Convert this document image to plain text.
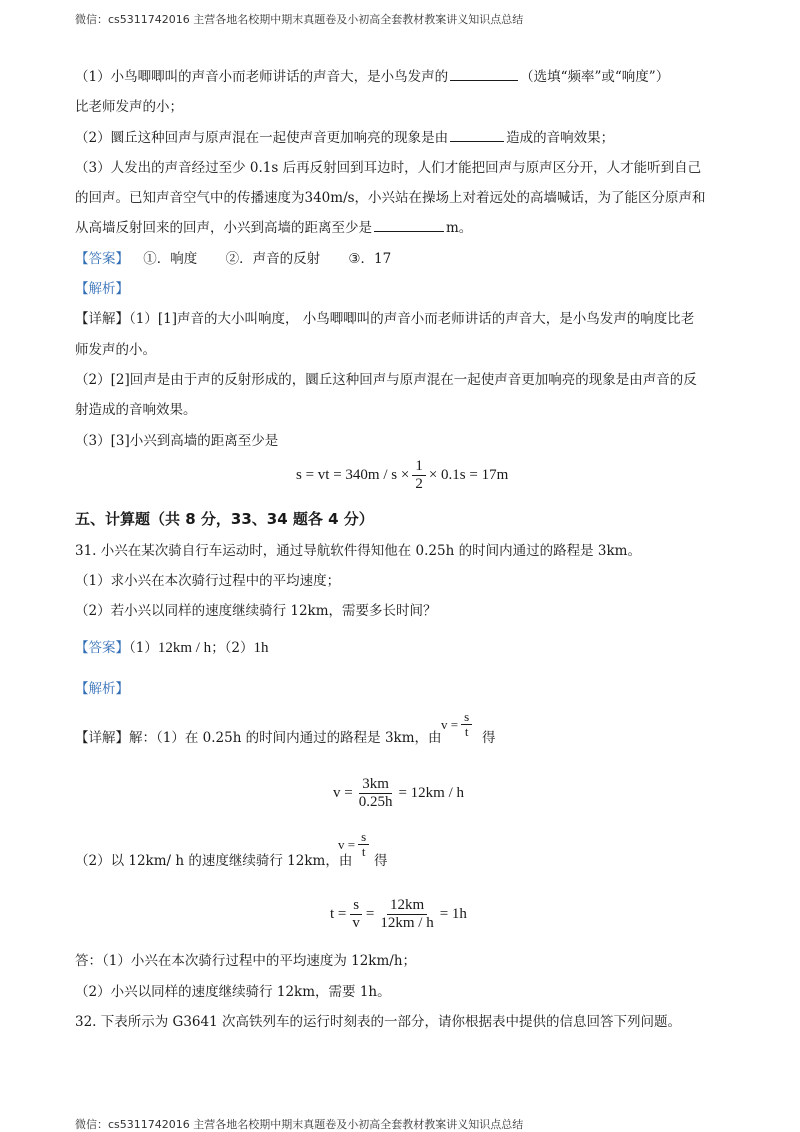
微信：cs5311742016 主营各地名校期中期末真题卷及小初高全套教材教案讲义知识点总结
（1）小鸟唧唧叫的声音小而老师讲话的声音大，是小鸟发声的	（选填“频率”或“响度”）
比老师发声的小；
（2）圜丘这种回声与原声混在一起使声音更加响亮的现象是由	造成的音响效果；
（3）人发出的声音经过至少 0.1s 后再反射回到耳边时，人们才能把回声与原声区分开，人才能听到自己
的回声。已知声音空气中的传播速度为340m/s，小兴站在操场上对着远处的高墙喊话，为了能区分原声和
从高墙反射回来的回声，小兴到高墙的距离至少是	m。
【答案】 ①．响度 ②．声音的反射 ③．17
【解析】
【详解】（1）[1]声音的大小叫响度， 小鸟唧唧叫的声音小而老师讲话的声音大，是小鸟发声的响度比老
师发声的小。
（2）[2]回声是由于声的反射形成的，圜丘这种回声与原声混在一起使声音更加响亮的现象是由声音的反
射造成的音响效果。
（3）[3]小兴到高墙的距离至少是
s = vt = $340m / s \times \frac{1}{2} \times 0.1s = 17m$
五、计算题（共 8 分，33、34 题各 4 分）
31. 小兴在某次骑自行车运动时，通过导航软件得知他在 0.25h 的时间内通过的路程是 3km。
（1）求小兴在本次骑行过程中的平均速度；
（2）若小兴以同样的速度继续骑行 12km，需要多长时间？
【答案】（1）12km / h；（2）1h
【解析】
【详解】解：（1）在 0.25h 的时间内通过的路程是 3km，由
$v = \frac{s}{t}$ 得
$v = \frac{3km}{0.25h} = 12km / h$
（2）以 12km/ h 的速度继续骑行 12km，由
$v = \frac{s}{t}$
得
$t = \frac{s}{v} = \frac{12km}{12km / h} = 1h$
答：（1）小兴在本次骑行过程中的平均速度为 12km/h；
（2）小兴以同样的速度继续骑行 12km，需要 1h。
32. 下表所示为 G3641 次高铁列车的运行时刻表的一部分，请你根据表中提供的信息回答下列问题。
微信：cs5311742016 主营各地名校期中期末真题卷及小初高全套教材教案讲义知识点总结
